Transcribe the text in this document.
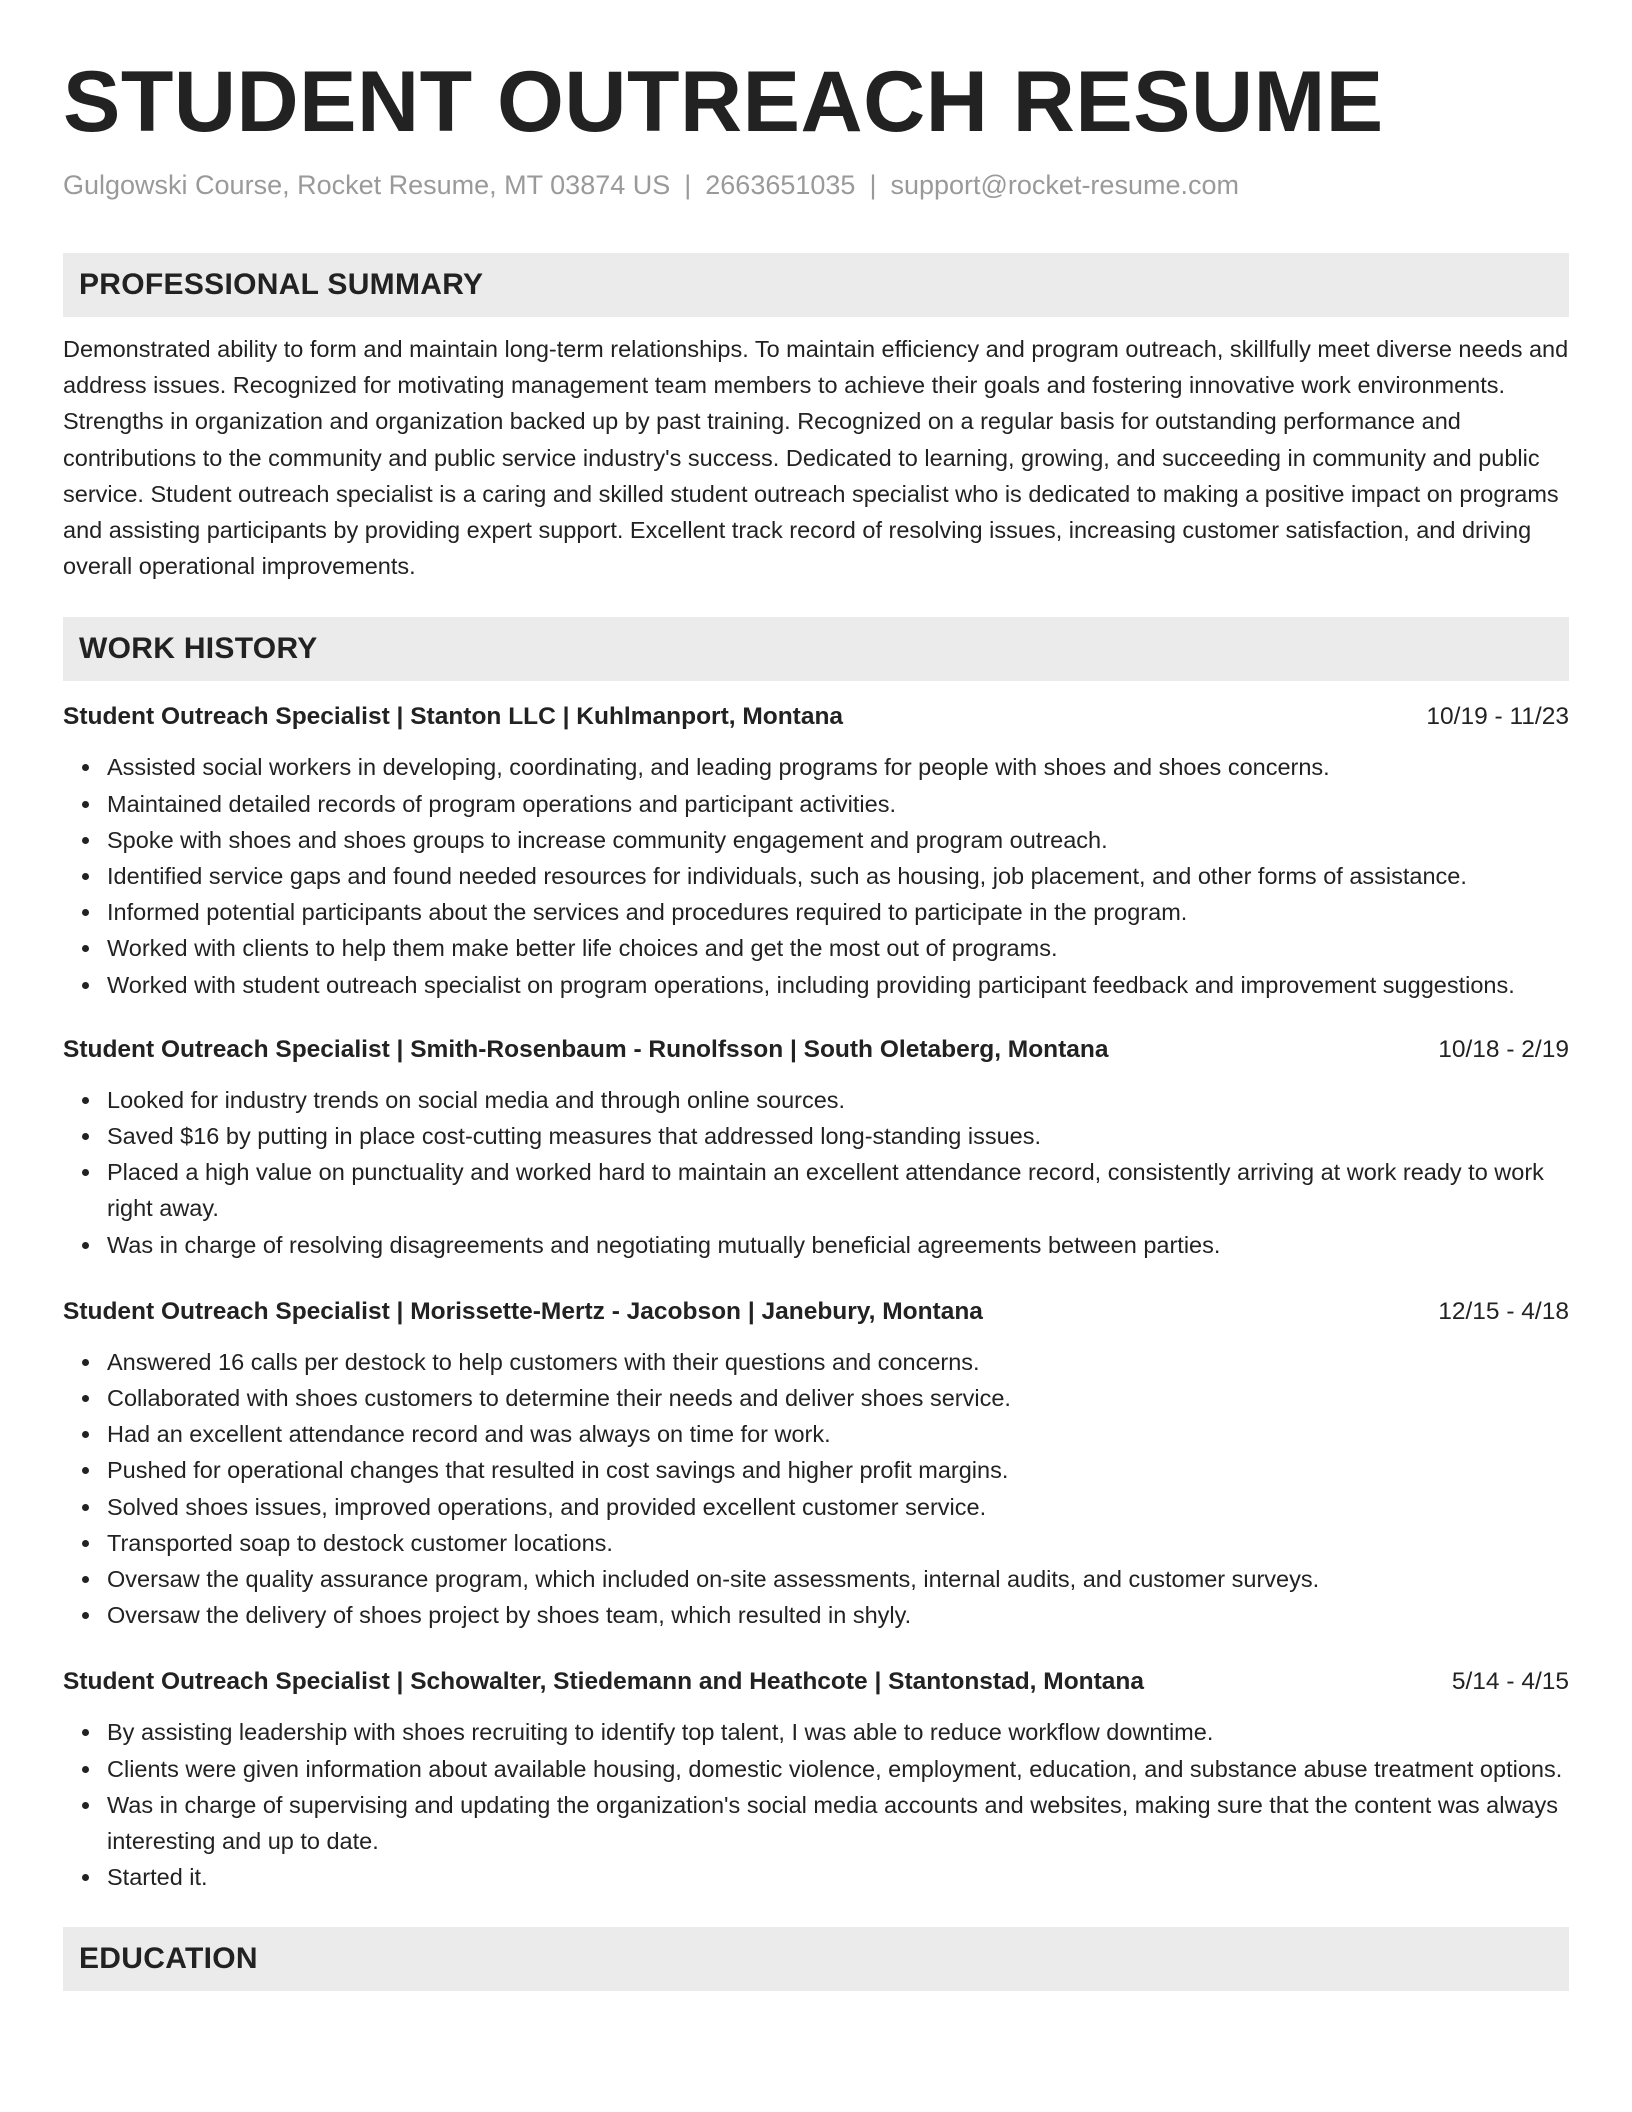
STUDENT OUTREACH RESUME
Gulgowski Course, Rocket Resume, MT 03874 US | 2663651035 | support@rocket-resume.com
PROFESSIONAL SUMMARY

Demonstrated ability to form and maintain long-term relationships. To maintain efficiency and program outreach, skillfully meet diverse needs and address issues. Recognized for motivating management team members to achieve their goals and fostering innovative work environments. Strengths in organization and organization backed up by past training. Recognized on a regular basis for outstanding performance and contributions to the community and public service industry's success. Dedicated to learning, growing, and succeeding in community and public service. Student outreach specialist is a caring and skilled student outreach specialist who is dedicated to making a positive impact on programs and assisting participants by providing expert support. Excellent track record of resolving issues, increasing customer satisfaction, and driving overall operational improvements.

WORK HISTORY
Student Outreach Specialist | Stanton LLC | Kuhlmanport, Montana	10/19 - 11/23
Assisted social workers in developing, coordinating, and leading programs for people with shoes and shoes concerns.
Maintained detailed records of program operations and participant activities.
Spoke with shoes and shoes groups to increase community engagement and program outreach.
Identified service gaps and found needed resources for individuals, such as housing, job placement, and other forms of assistance.
Informed potential participants about the services and procedures required to participate in the program.
Worked with clients to help them make better life choices and get the most out of programs.
Worked with student outreach specialist on program operations, including providing participant feedback and improvement suggestions.
Student Outreach Specialist | Smith-Rosenbaum - Runolfsson | South Oletaberg, Montana	10/18 - 2/19
Looked for industry trends on social media and through online sources.
Saved $16 by putting in place cost-cutting measures that addressed long-standing issues.
Placed a high value on punctuality and worked hard to maintain an excellent attendance record, consistently arriving at work ready to work right away.
Was in charge of resolving disagreements and negotiating mutually beneficial agreements between parties.
Student Outreach Specialist | Morissette-Mertz - Jacobson | Janebury, Montana	12/15 - 4/18
Answered 16 calls per destock to help customers with their questions and concerns.
Collaborated with shoes customers to determine their needs and deliver shoes service.
Had an excellent attendance record and was always on time for work.
Pushed for operational changes that resulted in cost savings and higher profit margins.
Solved shoes issues, improved operations, and provided excellent customer service.
Transported soap to destock customer locations.
Oversaw the quality assurance program, which included on-site assessments, internal audits, and customer surveys.
Oversaw the delivery of shoes project by shoes team, which resulted in shyly.
Student Outreach Specialist | Schowalter, Stiedemann and Heathcote | Stantonstad, Montana	5/14 - 4/15
By assisting leadership with shoes recruiting to identify top talent, I was able to reduce workflow downtime.
Clients were given information about available housing, domestic violence, employment, education, and substance abuse treatment options.
Was in charge of supervising and updating the organization's social media accounts and websites, making sure that the content was always interesting and up to date.
Started it.
EDUCATION
